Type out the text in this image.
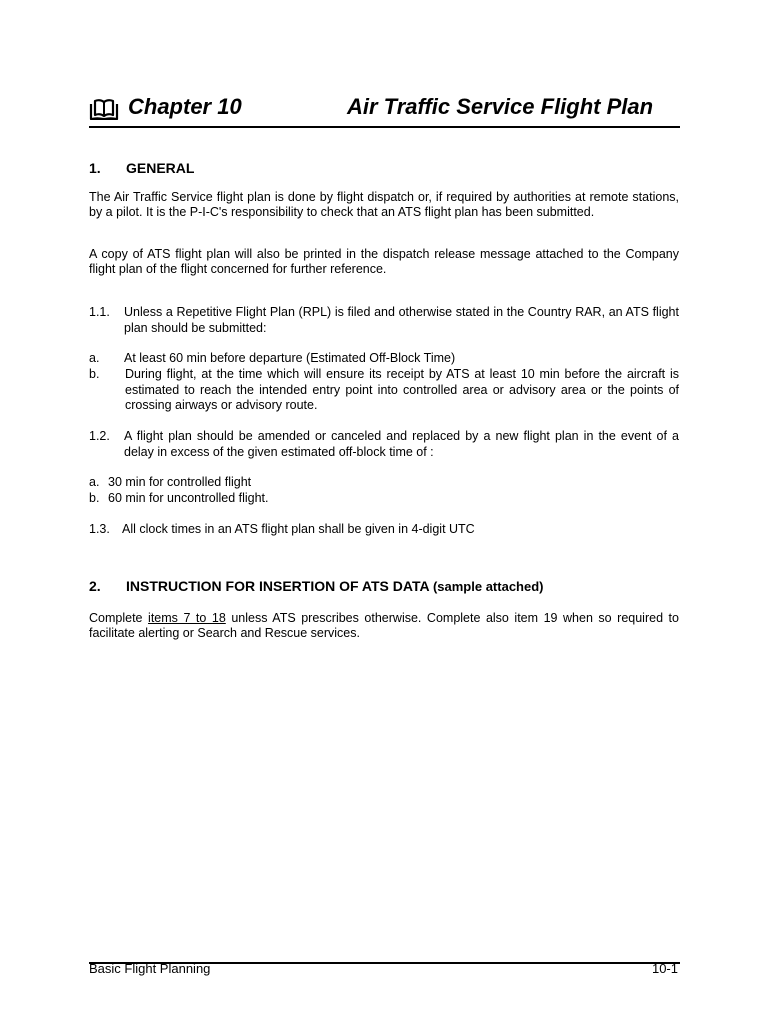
Chapter 10	Air Traffic Service Flight Plan
1. GENERAL

The Air Traffic Service flight plan is done by flight dispatch or, if required by authorities at remote stations, by a pilot. It is the P-I-C's responsibility to check that an ATS flight plan has been submitted.

A copy of ATS flight plan will also be printed in the dispatch release message attached to the Company flight plan of the flight concerned for further reference.

1.1.	Unless a Repetitive Flight Plan (RPL) is filed and otherwise stated in the Country RAR, an ATS flight plan should be submitted:

a.	At least 60 min before departure (Estimated Off-Block Time)

b.	During flight, at the time which will ensure its receipt by ATS at least 10 min before the aircraft is estimated to reach the intended entry point into controlled area or advisory area or the points of crossing airways or advisory route.

1.2.	A flight plan should be amended or canceled and replaced by a new flight plan in the event of a delay in excess of the given estimated off-block time of :

a. 30 min for controlled flight

b. 60 min for uncontrolled flight.

1.3. All clock times in an ATS flight plan shall be given in 4-digit UTC

2. INSTRUCTION FOR INSERTION OF ATS DATA (sample attached)

Complete items 7 to 18 unless ATS prescribes otherwise. Complete also item 19 when so required to facilitate alerting or Search and Rescue services.

Basic Flight Planning	10-1
